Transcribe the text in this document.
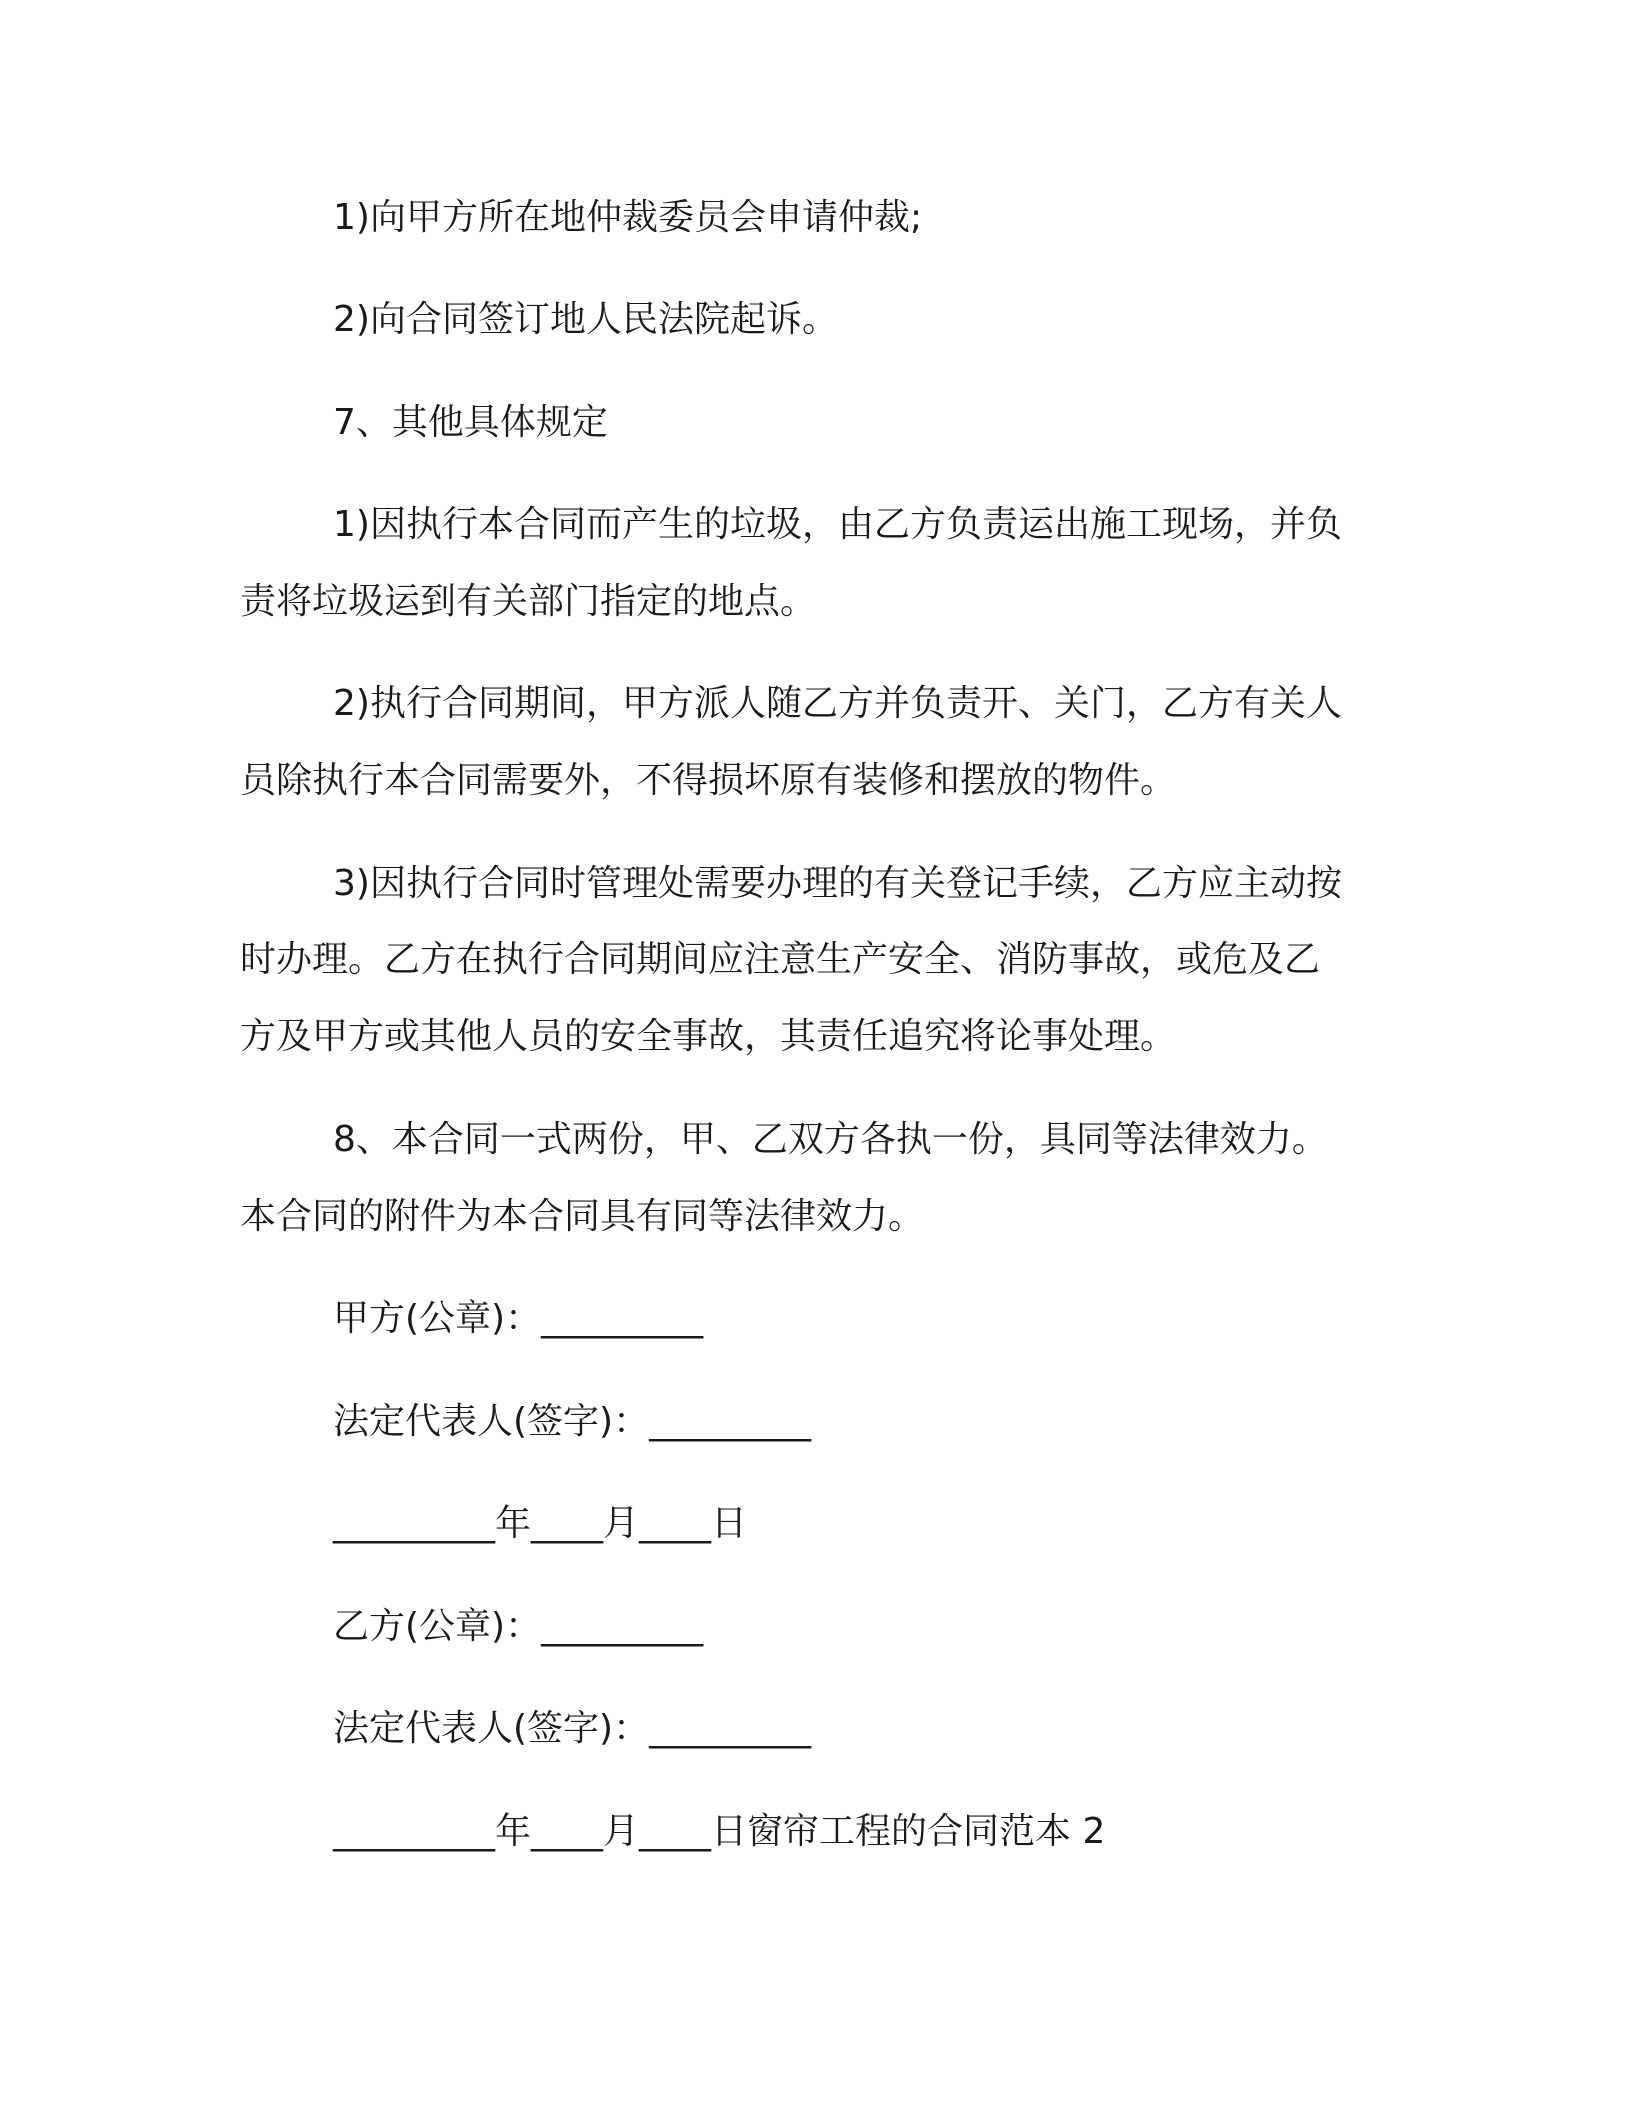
1)向甲方所在地仲裁委员会申请仲裁;

2)向合同签订地人民法院起诉。

7、其他具体规定

1)因执行本合同而产生的垃圾，由乙方负责运出施工现场，并负

责将垃圾运到有关部门指定的地点。

2)执行合同期间，甲方派人随乙方并负责开、关门，乙方有关人

员除执行本合同需要外，不得损坏原有装修和摆放的物件。

3)因执行合同时管理处需要办理的有关登记手续，乙方应主动按

时办理。乙方在执行合同期间应注意生产安全、消防事故，或危及乙

方及甲方或其他人员的安全事故，其责任追究将论事处理。

8、本合同一式两份，甲、乙双方各执一份，具同等法律效力。

本合同的附件为本合同具有同等法律效力。

甲方(公章)：_________

法定代表人(签字)：_________

_________年____月____日

乙方(公章)：_________

法定代表人(签字)：_________

_________年____月____日窗帘工程的合同范本 2
